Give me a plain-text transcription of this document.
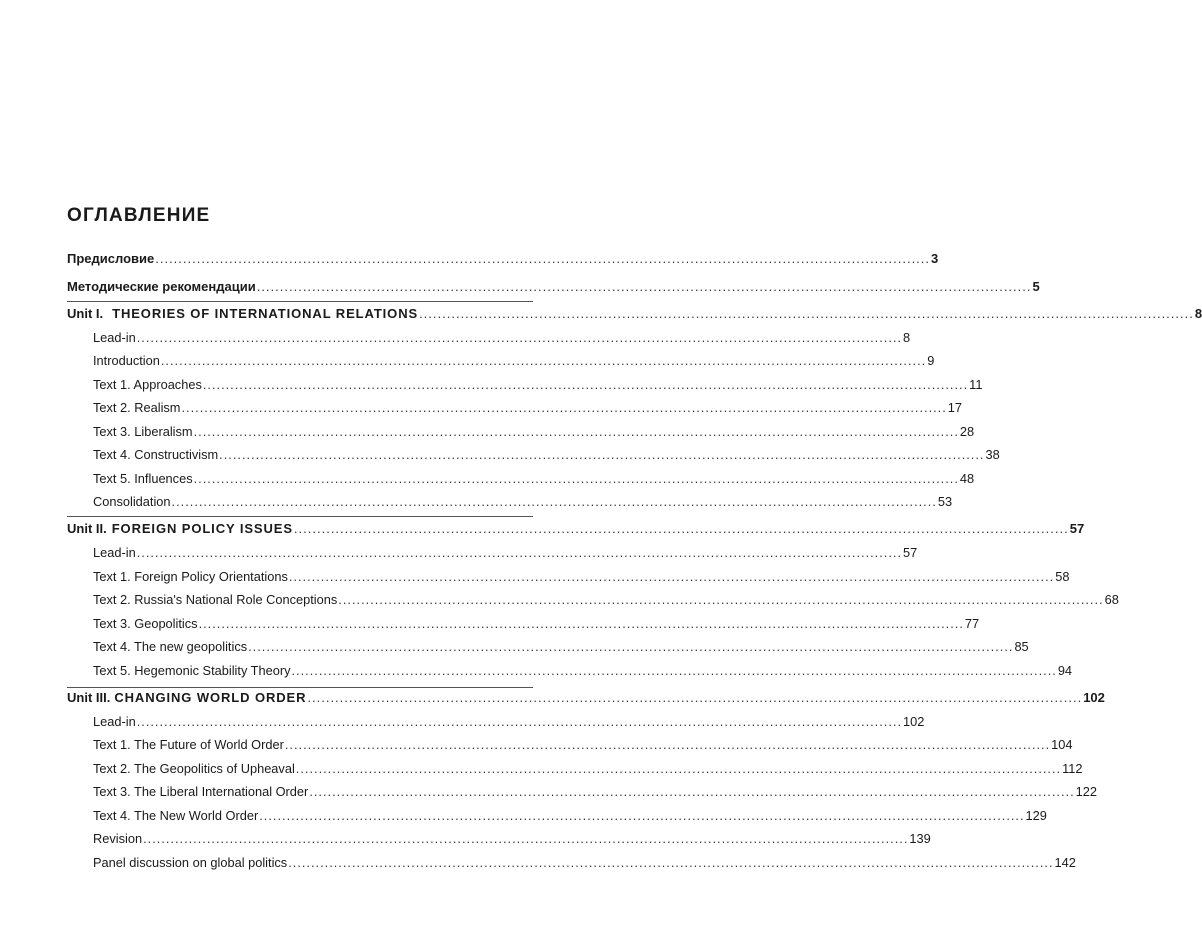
ОГЛАВЛЕНИЕ
Предисловие ........................................................................................................................................................................ 3
Методические рекомендации ........................................................................................................................................................................ 5
Unit I. THEORIES OF INTERNATIONAL RELATIONS ........................................................................................................................................................................ 8
Lead-in ........................................................................................................................................................................ 8
Introduction ........................................................................................................................................................................ 9
Text 1. Approaches ........................................................................................................................................................................ 11
Text 2. Realism ........................................................................................................................................................................ 17
Text 3. Liberalism ........................................................................................................................................................................ 28
Text 4. Constructivism ........................................................................................................................................................................ 38
Text 5. Influences ........................................................................................................................................................................ 48
Consolidation ........................................................................................................................................................................ 53
Unit II. FOREIGN POLICY ISSUES ........................................................................................................................................................................ 57
Lead-in ........................................................................................................................................................................ 57
Text 1. Foreign Policy Orientations ........................................................................................................................................................................ 58
Text 2. Russia's National Role Conceptions ........................................................................................................................................................................ 68
Text 3. Geopolitics ........................................................................................................................................................................ 77
Text 4. The new geopolitics ........................................................................................................................................................................ 85
Text 5. Hegemonic Stability Theory ........................................................................................................................................................................ 94
Unit III. CHANGING WORLD ORDER ........................................................................................................................................................................ 102
Lead-in ........................................................................................................................................................................ 102
Text 1. The Future of World Order ........................................................................................................................................................................ 104
Text 2. The Geopolitics of Upheaval ........................................................................................................................................................................ 112
Text 3. The Liberal International Order ........................................................................................................................................................................ 122
Text 4. The New World Order ........................................................................................................................................................................ 129
Revision ........................................................................................................................................................................ 139
Panel discussion on global politics ........................................................................................................................................................................ 142
